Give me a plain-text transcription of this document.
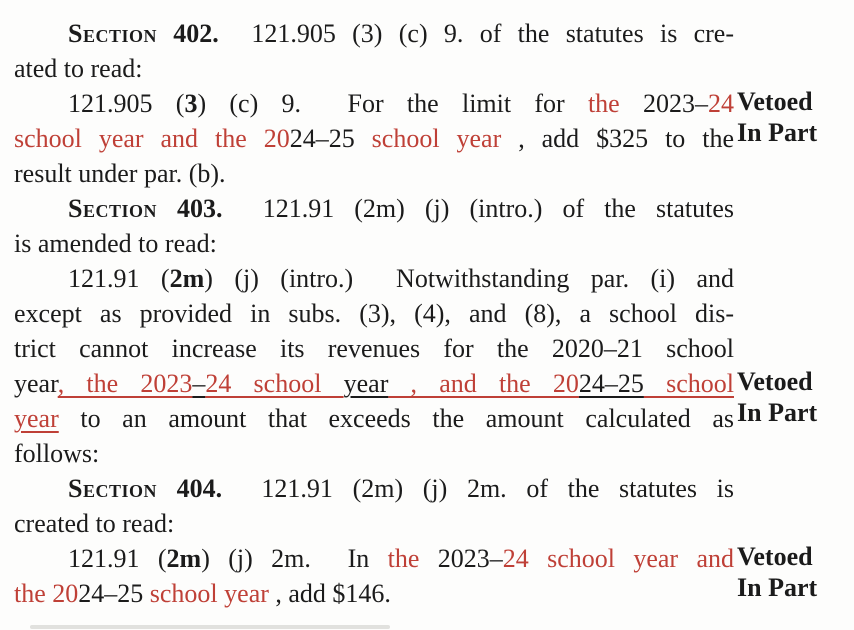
Section 402.  121.905 (3) (c) 9. of the statutes is cre-
ated to read:
121.905 (3) (c) 9.  For the limit for the 2023–24
school year and the 2024–25 school year , add $325 to the
result under par. (b).
Section 403.  121.91 (2m) (j) (intro.) of the statutes
is amended to read:
121.91 (2m) (j) (intro.)  Notwithstanding par. (i) and
except as provided in subs. (3), (4), and (8), a school dis-
trict cannot increase its revenues for the 2020–21 school
year, the 2023–24 school year , and the 2024–25 school
year to an amount that exceeds the amount calculated as
follows:
Section 404.  121.91 (2m) (j) 2m. of the statutes is
created to read:
121.91 (2m) (j) 2m.  In the 2023–24 school year and
the 2024–25 school year , add $146.
Vetoed
In Part
Vetoed
In Part
Vetoed
In Part
